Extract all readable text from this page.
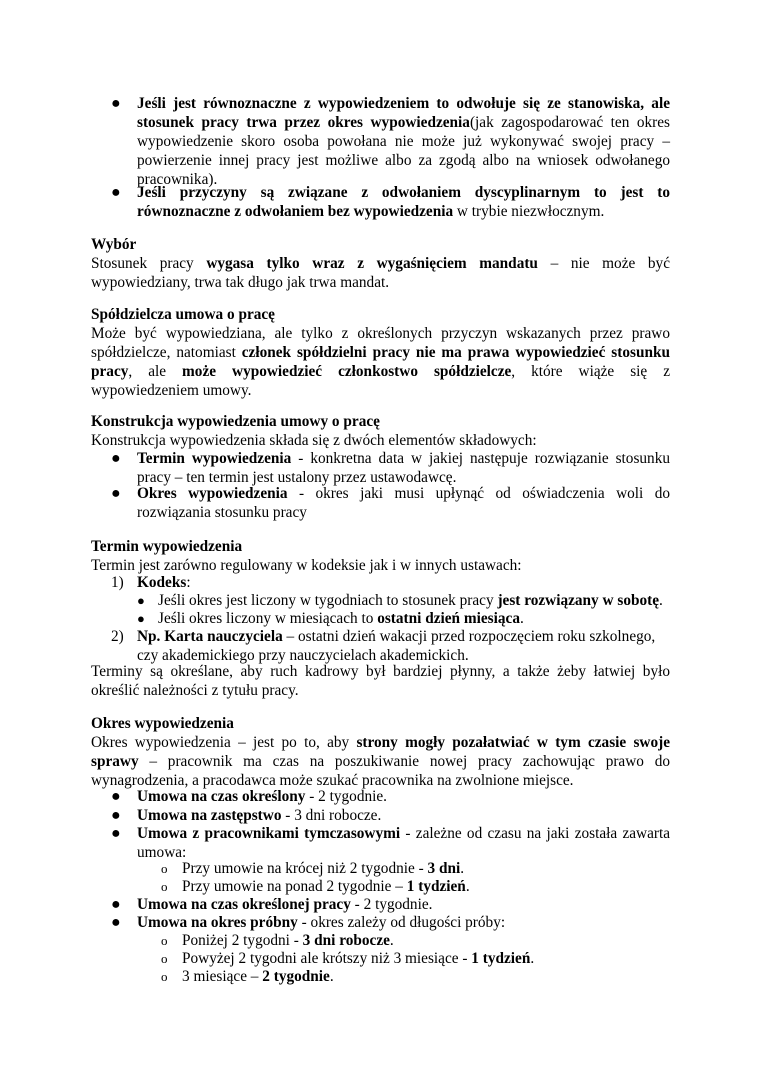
● Jeśli jest równoznaczne z wypowiedzeniem to odwołuje się ze stanowiska, ale stosunek pracy trwa przez okres wypowiedzenia(jak zagospodarować ten okres wypowiedzenie skoro osoba powołana nie może już wykonywać swojej pracy – powierzenie innej pracy jest możliwe albo za zgodą albo na wniosek odwołanego pracownika).
● Jeśli przyczyny są związane z odwołaniem dyscyplinarnym to jest to równoznaczne z odwołaniem bez wypowiedzenia w trybie niezwłocznym.

Wybór

Stosunek pracy wygasa tylko wraz z wygaśnięciem mandatu – nie może być wypowiedziany, trwa tak długo jak trwa mandat.

Spółdzielcza umowa o pracę

Może być wypowiedziana, ale tylko z określonych przyczyn wskazanych przez prawo spółdzielcze, natomiast członek spółdzielni pracy nie ma prawa wypowiedzieć stosunku pracy, ale może wypowiedzieć członkostwo spółdzielcze, które wiąże się z wypowiedzeniem umowy.

Konstrukcja wypowiedzenia umowy o pracę

Konstrukcja wypowiedzenia składa się z dwóch elementów składowych:

● Termin wypowiedzenia - konkretna data w jakiej następuje rozwiązanie stosunku pracy – ten termin jest ustalony przez ustawodawcę.
● Okres wypowiedzenia - okres jaki musi upłynąć od oświadczenia woli do rozwiązania stosunku pracy

Termin wypowiedzenia

Termin jest zarówno regulowany w kodeksie jak i w innych ustawach:

1) Kodeks:
● Jeśli okres jest liczony w tygodniach to stosunek pracy jest rozwiązany w sobotę.
● Jeśli okres liczony w miesiącach to ostatni dzień miesiąca.
2) Np. Karta nauczyciela – ostatni dzień wakacji przed rozpoczęciem roku szkolnego, czy akademickiego przy nauczycielach akademickich.

Terminy są określane, aby ruch kadrowy był bardziej płynny, a także żeby łatwiej było określić należności z tytułu pracy.

Okres wypowiedzenia

Okres wypowiedzenia – jest po to, aby strony mogły pozałatwiać w tym czasie swoje sprawy – pracownik ma czas na poszukiwanie nowej pracy zachowując prawo do wynagrodzenia, a pracodawca może szukać pracownika na zwolnione miejsce.

● Umowa na czas określony - 2 tygodnie.
● Umowa na zastępstwo - 3 dni robocze.
● Umowa z pracownikami tymczasowymi - zależne od czasu na jaki została zawarta umowa:
o Przy umowie na krócej niż 2 tygodnie - 3 dni.
o Przy umowie na ponad 2 tygodnie – 1 tydzień.
● Umowa na czas określonej pracy - 2 tygodnie.
● Umowa na okres próbny - okres zależy od długości próby:
o Poniżej 2 tygodni - 3 dni robocze.
o Powyżej 2 tygodni ale krótszy niż 3 miesiące - 1 tydzień.
o 3 miesiące – 2 tygodnie.
